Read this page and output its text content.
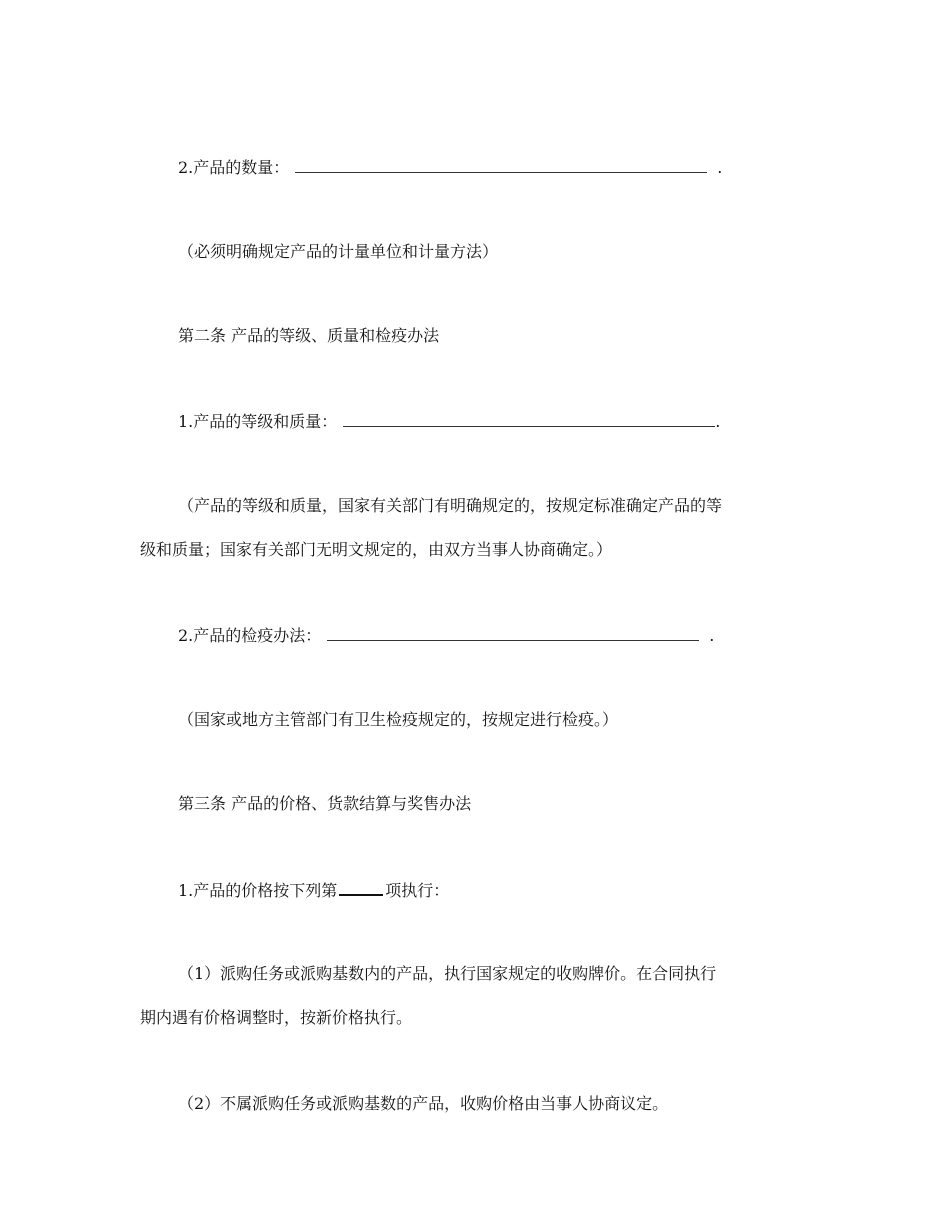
2.产品的数量：	.
（必须明确规定产品的计量单位和计量方法）
第二条 产品的等级、质量和检疫办法
1.产品的等级和质量：	.
（产品的等级和质量，国家有关部门有明确规定的，按规定标准确定产品的等
级和质量；国家有关部门无明文规定的，由双方当事人协商确定。）
2.产品的检疫办法：	.
（国家或地方主管部门有卫生检疫规定的，按规定进行检疫。）
第三条 产品的价格、货款结算与奖售办法
1.产品的价格按下列第	项执行：
（1）派购任务或派购基数内的产品，执行国家规定的收购牌价。在合同执行
期内遇有价格调整时，按新价格执行。
（2）不属派购任务或派购基数的产品，收购价格由当事人协商议定。
